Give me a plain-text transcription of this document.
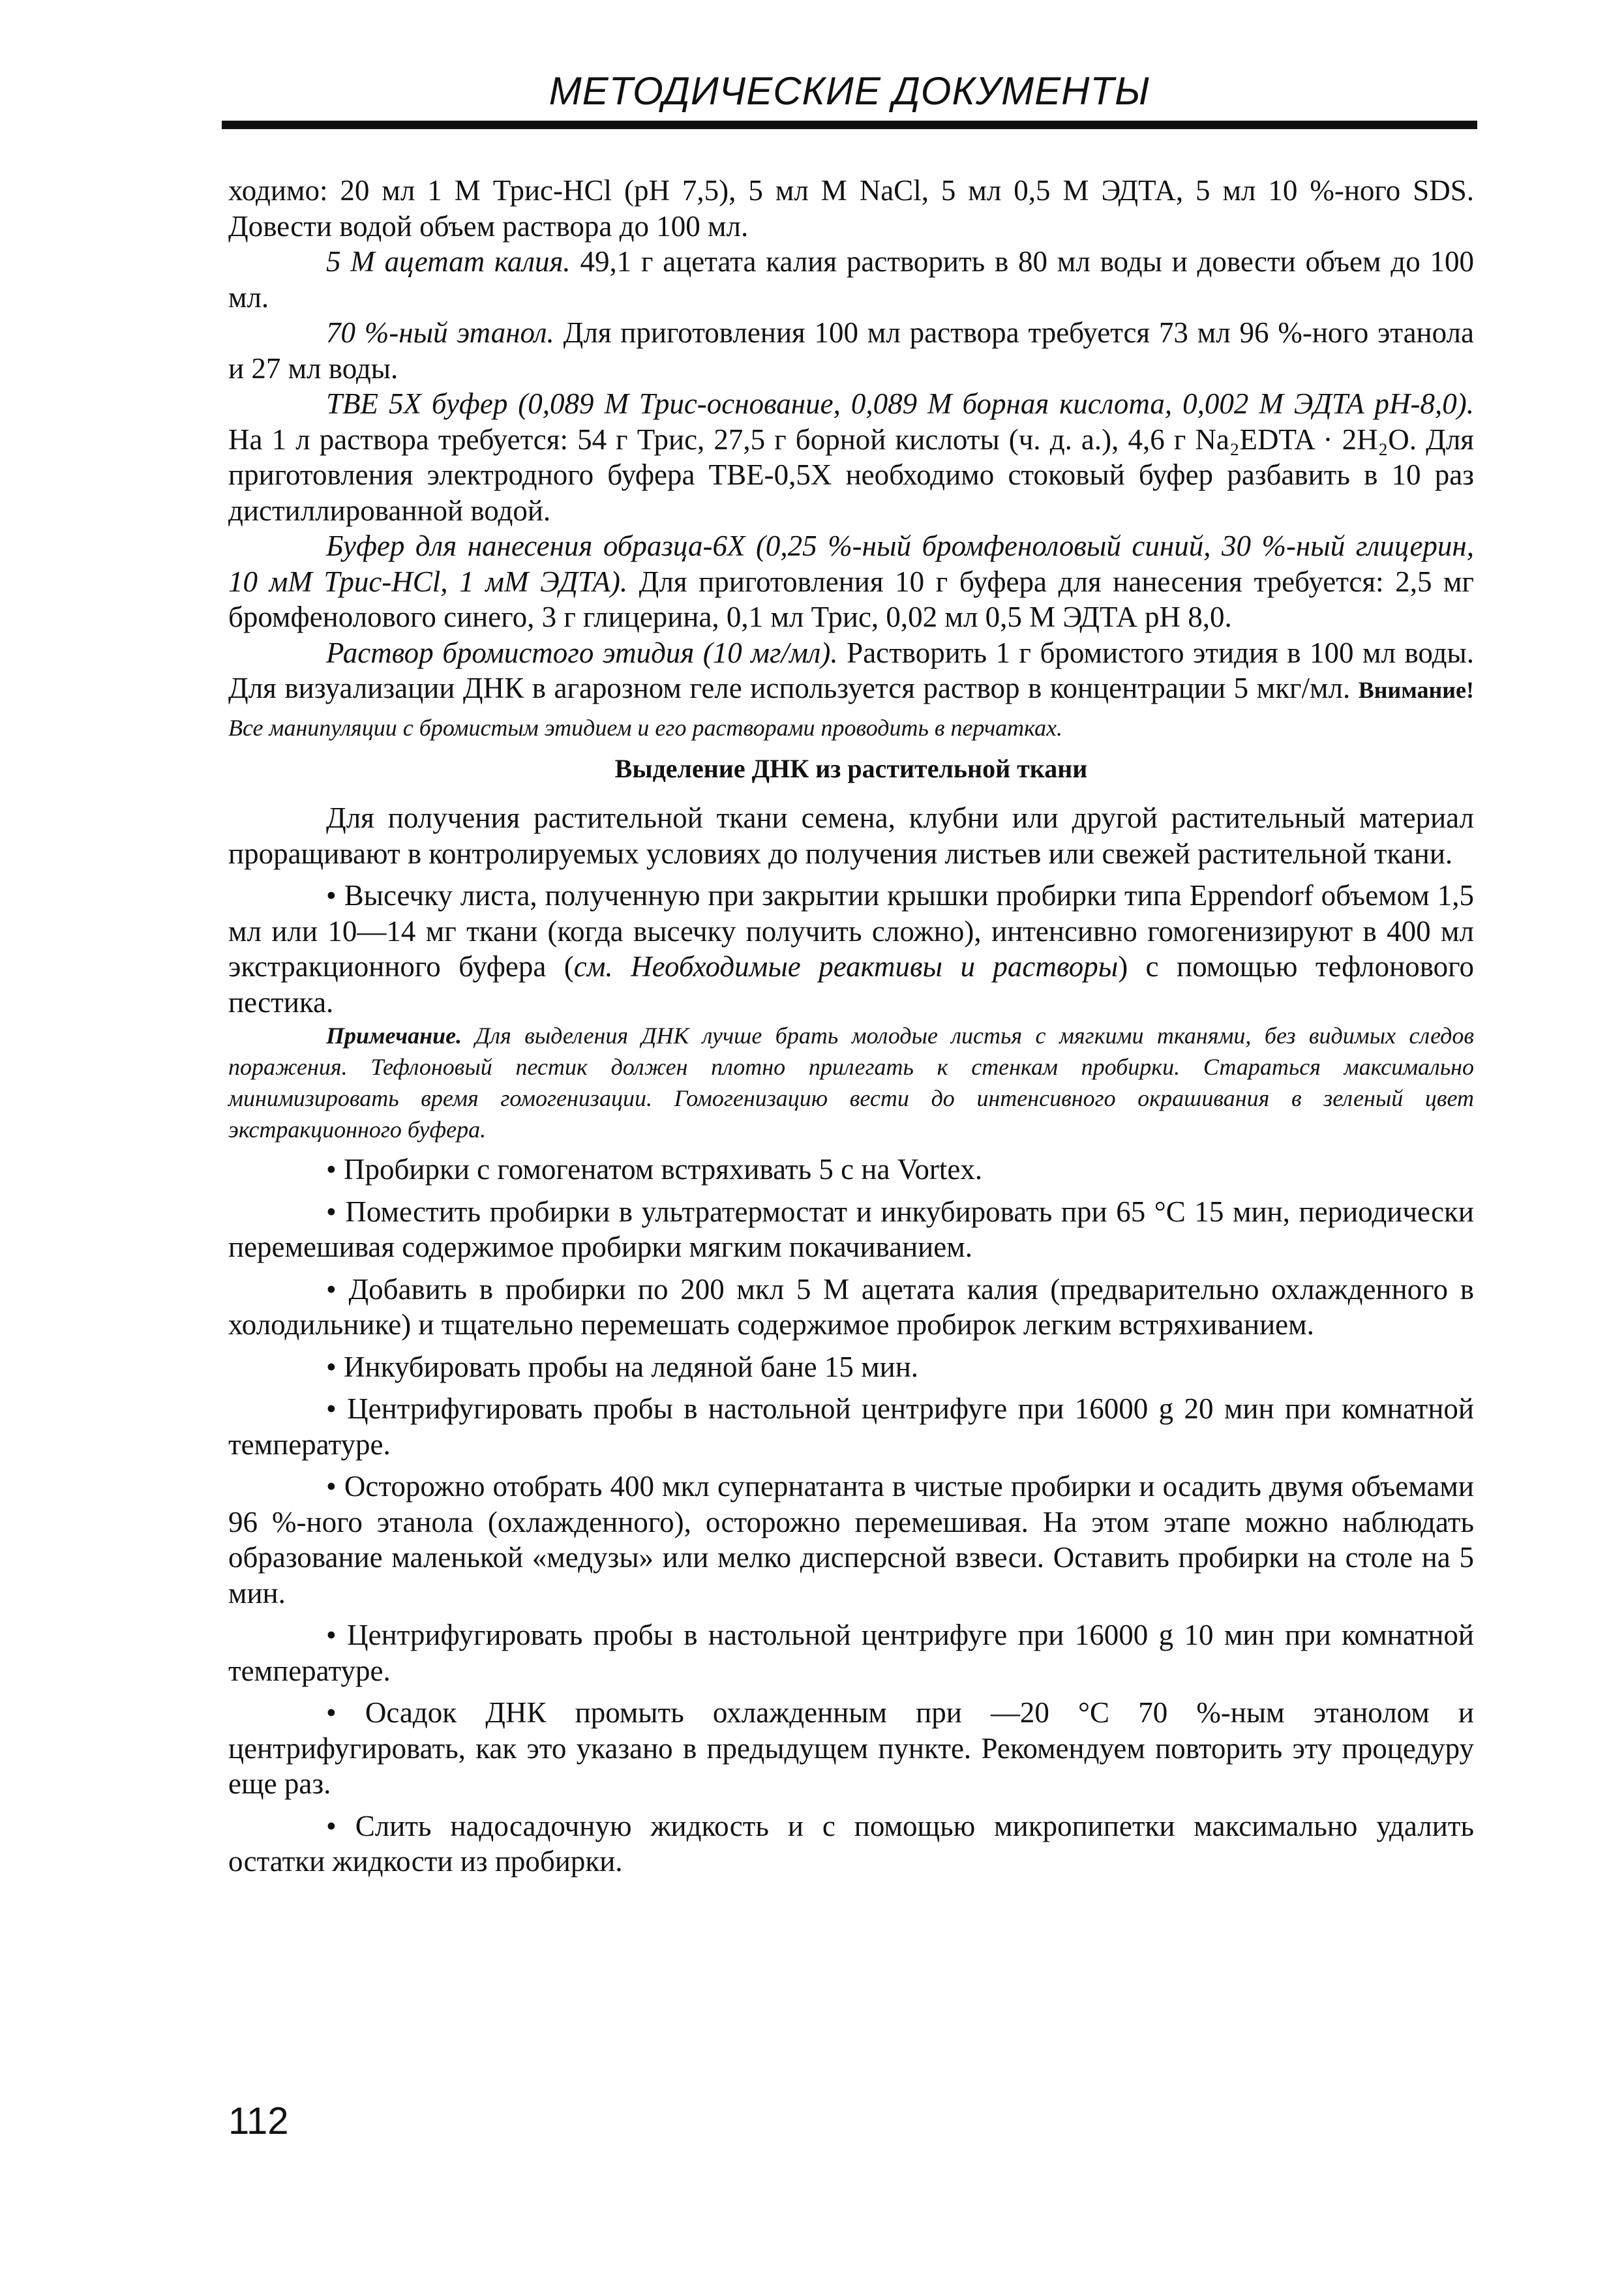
МЕТОДИЧЕСКИЕ ДОКУМЕНТЫ

ходимо: 20 мл 1 М Трис-HCl (pH 7,5), 5 мл М NaCl, 5 мл 0,5 М ЭДТА, 5 мл 10 %-ного SDS. Довести водой объем раствора до 100 мл.

5 М ацетат калия. 49,1 г ацетата калия растворить в 80 мл воды и довести объем до 100 мл.

70 %-ный этанол. Для приготовления 100 мл раствора требуется 73 мл 96 %-ного этанола и 27 мл воды.

ТВЕ 5X буфер (0,089 М Трис-основание, 0,089 М борная кислота, 0,002 М ЭДТА pH-8,0). На 1 л раствора требуется: 54 г Трис, 27,5 г борной кислоты (ч. д. а.), 4,6 г Na₂EDTA · 2H₂O. Для приготовления электродного буфера ТВЕ-0,5X необходимо стоковый буфер разбавить в 10 раз дистиллированной водой.

Буфер для нанесения образца-6Х (0,25 %-ный бромфеноловый синий, 30 %-ный глицерин, 10 мМ Трис-HCl, 1 мМ ЭДТА). Для приготовления 10 г буфера для нанесения требуется: 2,5 мг бромфенолового синего, 3 г глицерина, 0,1 мл Трис, 0,02 мл 0,5 М ЭДТА pH 8,0.

Раствор бромистого этидия (10 мг/мл). Растворить 1 г бромистого этидия в 100 мл воды. Для визуализации ДНК в агарозном геле используется раствор в концентрации 5 мкг/мл. Внимание! Все манипуляции с бромистым этидием и его растворами проводить в перчатках.

Выделение ДНК из растительной ткани

Для получения растительной ткани семена, клубни или другой растительный материал проращивают в контролируемых условиях до получения листьев или свежей растительной ткани.

• Высечку листа, полученную при закрытии крышки пробирки типа Eppendorf объемом 1,5 мл или 10—14 мг ткани (когда высечку получить сложно), интенсивно гомогенизируют в 400 мл экстракционного буфера (см. Необходимые реактивы и растворы) с помощью тефлонового пестика.

Примечание. Для выделения ДНК лучше брать молодые листья с мягкими тканями, без видимых следов поражения. Тефлоновый пестик должен плотно прилегать к стенкам пробирки. Стараться максимально минимизировать время гомогенизации. Гомогенизацию вести до интенсивного окрашивания в зеленый цвет экстракционного буфера.

• Пробирки с гомогенатом встряхивать 5 с на Vortex.

• Поместить пробирки в ультратермостат и инкубировать при 65 °С 15 мин, периодически перемешивая содержимое пробирки мягким покачиванием.

• Добавить в пробирки по 200 мкл 5 М ацетата калия (предварительно охлажденного в холодильнике) и тщательно перемешать содержимое пробирок легким встряхиванием.

• Инкубировать пробы на ледяной бане 15 мин.

• Центрифугировать пробы в настольной центрифуге при 16000 g 20 мин при комнатной температуре.

• Осторожно отобрать 400 мкл супернатанта в чистые пробирки и осадить двумя объемами 96 %-ного этанола (охлажденного), осторожно перемешивая. На этом этапе можно наблюдать образование маленькой «медузы» или мелко дисперсной взвеси. Оставить пробирки на столе на 5 мин.

• Центрифугировать пробы в настольной центрифуге при 16000 g 10 мин при комнатной температуре.

• Осадок ДНК промыть охлажденным при —20 °С 70 %-ным этанолом и центрифугировать, как это указано в предыдущем пункте. Рекомендуем повторить эту процедуру еще раз.

• Слить надосадочную жидкость и с помощью микропипетки максимально удалить остатки жидкости из пробирки.

112
